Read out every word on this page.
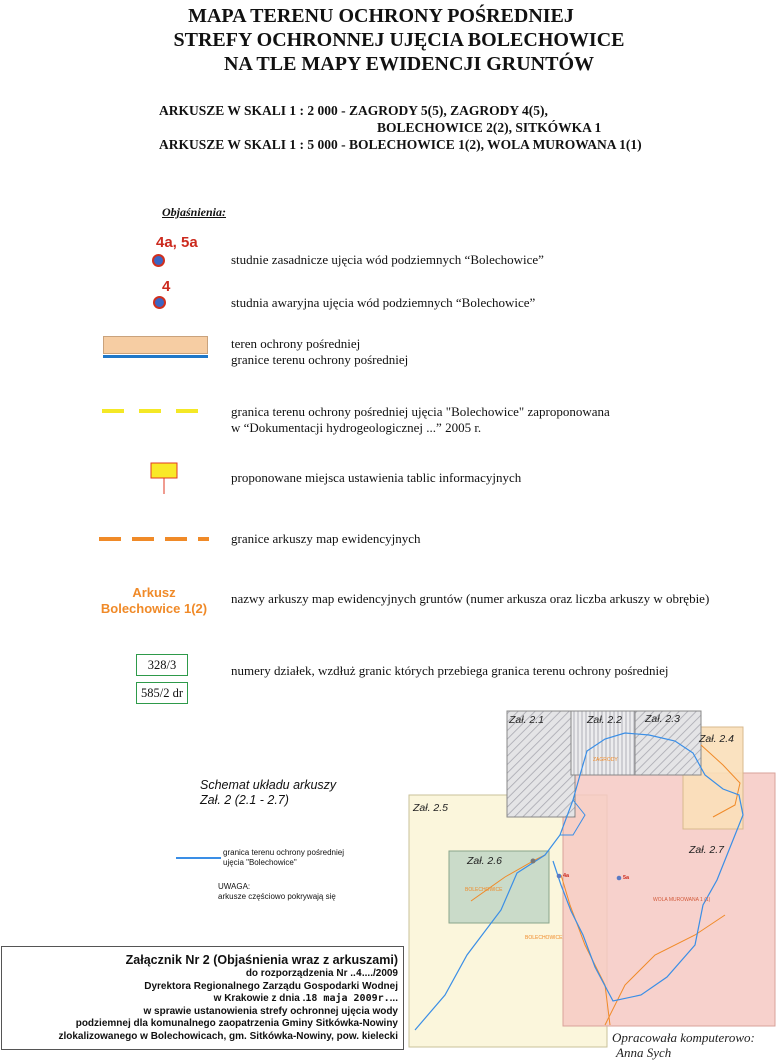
MAPA TERENU OCHRONY POŚREDNIEJ
STREFY OCHRONNEJ UJĘCIA BOLECHOWICE
NA TLE MAPY EWIDENCJI GRUNTÓW
ARKUSZE W SKALI 1 : 2 000 - ZAGRODY 5(5), ZAGRODY 4(5),
BOLECHOWICE 2(2), SITKÓWKA 1
ARKUSZE W SKALI 1 : 5 000 - BOLECHOWICE 1(2), WOLA MUROWANA 1(1)
Objaśnienia:
4a, 5a
studnie zasadnicze ujęcia wód podziemnych “Bolechowice”
4
studnia awaryjna ujęcia wód podziemnych “Bolechowice”
teren ochrony pośredniej
granice terenu ochrony pośredniej
granica terenu ochrony pośredniej ujęcia "Bolechowice" zaproponowana
w “Dokumentacji hydrogeologicznej ...” 2005 r.
proponowane miejsca ustawienia tablic informacyjnych
granice arkuszy map ewidencyjnych
Arkusz
Bolechowice 1(2)
nazwy arkuszy map ewidencyjnych gruntów (numer arkusza oraz liczba arkuszy w obrębie)
328/3
585/2 dr
numery działek, wzdłuż granic których przebiega granica terenu ochrony pośredniej
Schemat układu arkuszy
Zał. 2 (2.1 - 2.7)
granica terenu ochrony pośredniej
ujęcia "Bolechowice"
UWAGA:
arkusze częściowo pokrywają się
ZAGRODY
BOLECHOWICE
BOLECHOWICE
WOLA MUROWANA 1 (1)
4a	5a
Zał. 2.1	Zał. 2.2 Zał. 2.3
Zał. 2.4
Zał. 2.5
Zał. 2.6
Zał. 2.7
Załącznik Nr 2 (Objaśnienia wraz z arkuszami)
do rozporządzenia Nr ..4..../2009
Dyrektora Regionalnego Zarządu Gospodarki Wodnej
w Krakowie z dnia .18 maja 2009r....
w sprawie ustanowienia strefy ochronnej ujęcia wody
podziemnej dla komunalnego zaopatrzenia Gminy Sitkówka-Nowiny
zlokalizowanego w Bolechowicach, gm. Sitkówka-Nowiny, pow. kielecki	Opracowała komputerowo:
Anna Sych
